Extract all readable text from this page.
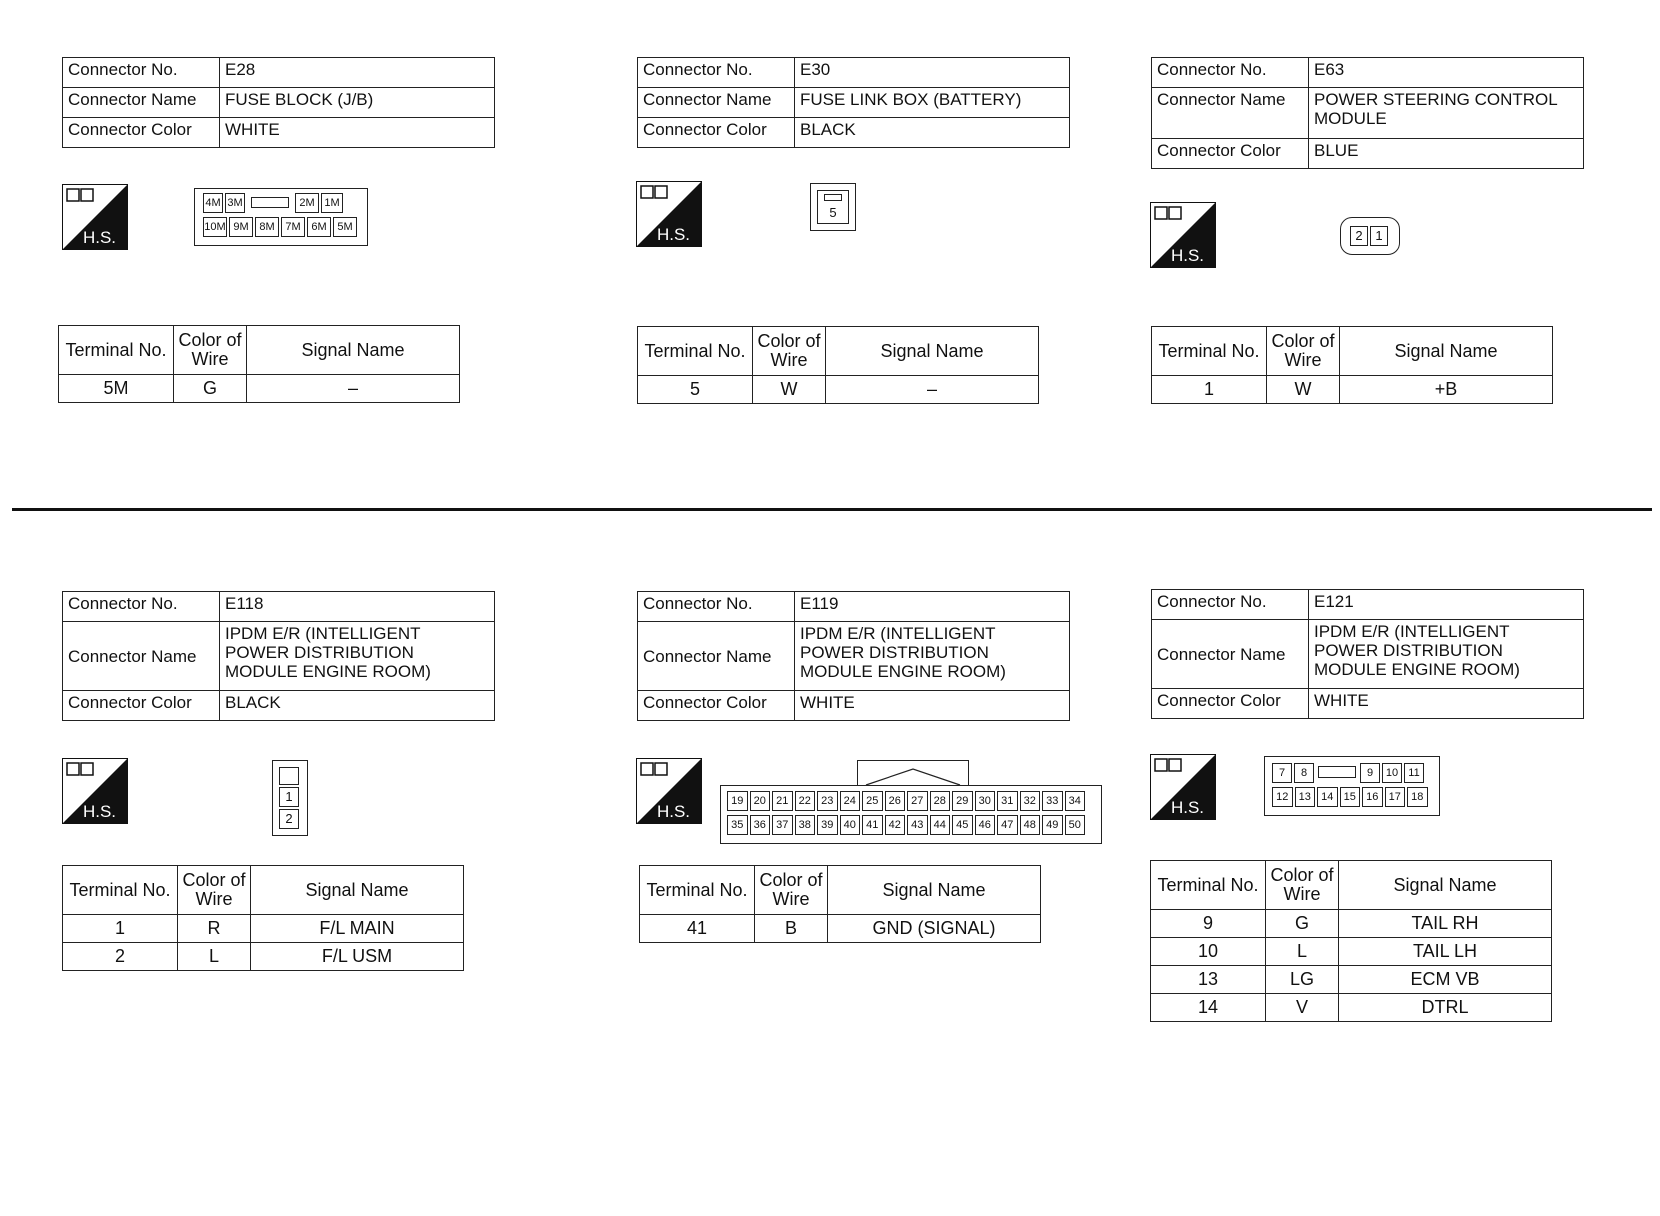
Connector No.	E28
Connector Name	FUSE BLOCK (J/B)
Connector Color	WHITE
H.S.
4M 3M	2M 1M
10M 9M 8M 7M 6M 5M
Terminal No.	Color of Wire	Signal Name
5M	G	–
Connector No.	E30
Connector Name	FUSE LINK BOX (BATTERY)
Connector Color	BLACK
H.S.
5
Terminal No.	Color of Wire	Signal Name
5	W	–
Connector No.	E63
Connector Name	POWER STEERING CONTROL MODULE
Connector Color	BLUE
H.S.
2 1
Terminal No.	Color of Wire	Signal Name
1	W	+B
Connector No.	E118
Connector Name	IPDM E/R (INTELLIGENT POWER DISTRIBUTION MODULE ENGINE ROOM)
Connector Color	BLACK
H.S.
1
2
Terminal No.	Color of Wire	Signal Name
1	R	F/L MAIN
2	L	F/L USM
Connector No.	E119
Connector Name	IPDM E/R (INTELLIGENT POWER DISTRIBUTION MODULE ENGINE ROOM)
Connector Color	WHITE
H.S.
19 20 21 22 23 24 25 26 27 28 29 30 31 32 33 34
35 36 37 38 39 40 41 42 43 44 45 46 47 48 49 50
Terminal No.	Color of Wire	Signal Name
41	B	GND (SIGNAL)
Connector No.	E121
Connector Name	IPDM E/R (INTELLIGENT POWER DISTRIBUTION MODULE ENGINE ROOM)
Connector Color	WHITE
H.S.
7	8	9	10 11
12 13 14 15 16 17 18
Terminal No.	Color of Wire	Signal Name
9	G	TAIL RH
10	L	TAIL LH
13	LG	ECM VB
14	V	DTRL
